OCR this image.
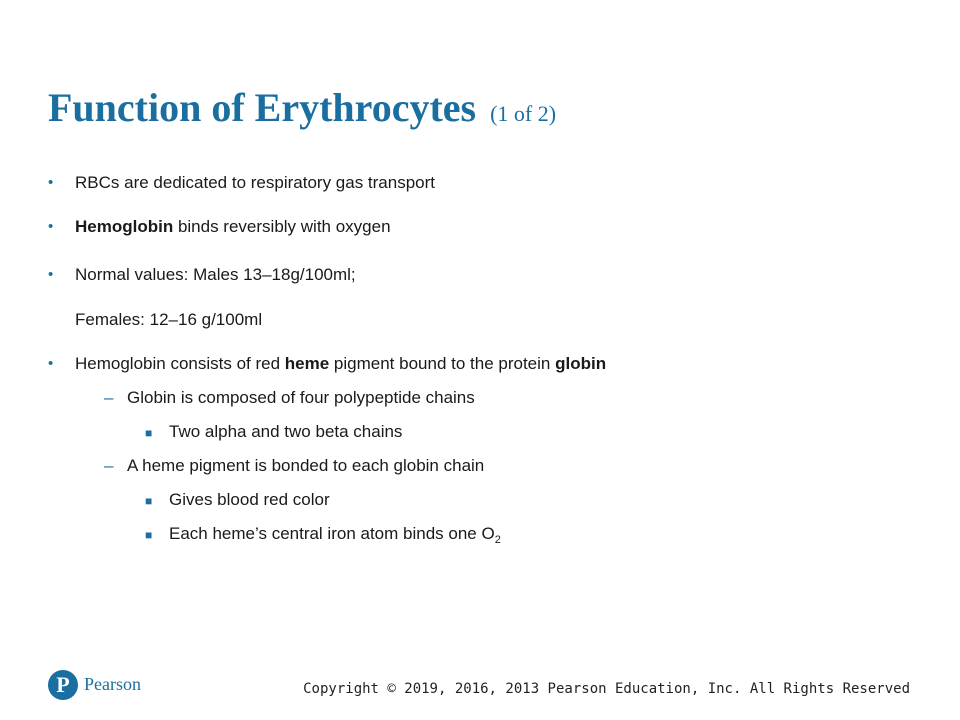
Function of Erythrocytes (1 of 2)
• RBCs are dedicated to respiratory gas transport
• Hemoglobin binds reversibly with oxygen
• Normal values: Males 13–18g/100ml;
Females: 12–16 g/100ml
• Hemoglobin consists of red heme pigment bound to the protein globin
– Globin is composed of four polypeptide chains
■ Two alpha and two beta chains
– A heme pigment is bonded to each globin chain
■ Gives blood red color
■ Each heme’s central iron atom binds one $O_2$
P Pearson	Copyright © 2019, 2016, 2013 Pearson Education, Inc. All Rights Reserved
